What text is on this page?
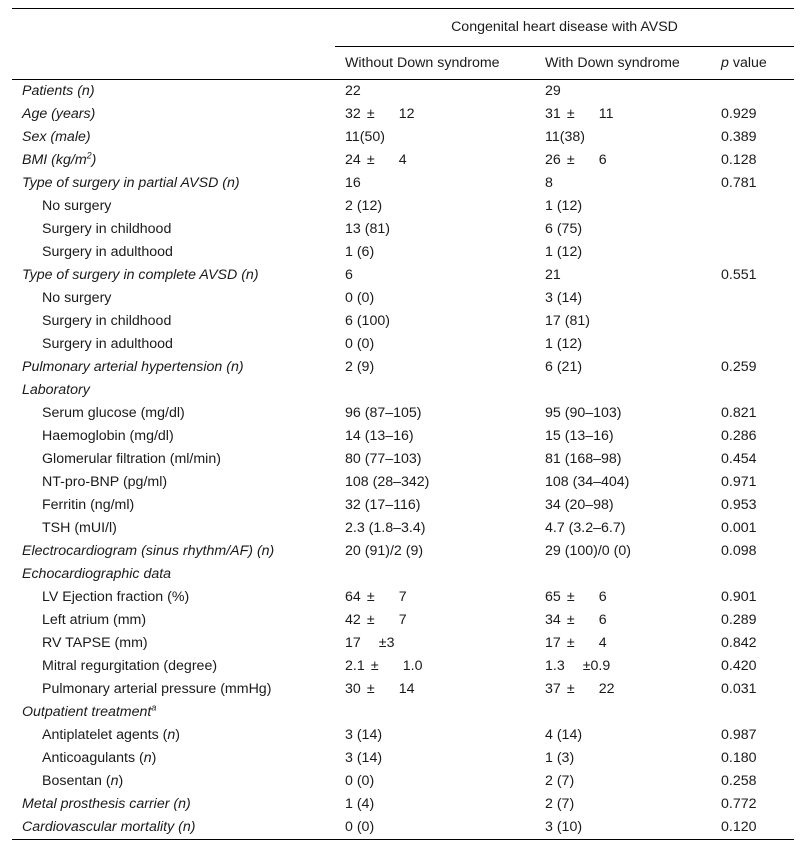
	Congenital heart disease with AVSD		
	Without Down syndrome	With Down syndrome	p value
Patients (n)	22	29	
Age (years)	32 ± 12	31 ± 11	0.929
Sex (male)	11(50)	11(38)	0.389
BMI $(kg/m^2)$	24 ± 4	26 ± 6	0.128
Type of surgery in partial AVSD (n)	16	8	0.781
No surgery	2 (12)	1 (12)	
Surgery in childhood	13 (81)	6 (75)	
Surgery in adulthood	1 (6)	1 (12)	
Type of surgery in complete AVSD (n)	6	21	0.551
No surgery	0 (0)	3 (14)	
Surgery in childhood	6 (100)	17 (81)	
Surgery in adulthood	0 (0)	1 (12)	
Pulmonary arterial hypertension (n)	2 (9)	6 (21)	0.259
Laboratory			
Serum glucose (mg/dl)	96 (87–105)	95 (90–103)	0.821
Haemoglobin (mg/dl)	14 (13–16)	15 (13–16)	0.286
Glomerular filtration (ml/min)	80 (77–103)	81 (168–98)	0.454
NT-pro-BNP (pg/ml)	108 (28–342)	108 (34–404)	0.971
Ferritin (ng/ml)	32 (17–116)	34 (20–98)	0.953
TSH (mUI/l)	2.3 (1.8–3.4)	4.7 (3.2–6.7)	0.001
Electrocardiogram (sinus rhythm/AF) (n)	20 (91)/2 (9)	29 (100)/0 (0)	0.098
Echocardiographic data			
LV Ejection fraction (%)	64 ± 7	65 ± 6	0.901
Left atrium (mm)	42 ± 7	34 ± 6	0.289
RV TAPSE (mm)	17 ±3	17 ± 4	0.842
Mitral regurgitation (degree)	2.1 ± 1.0	1.3 ±0.9	0.420
Pulmonary arterial pressure (mmHg)	30 ± 14	37 ± 22	0.031
Outpatient treatment$^a$			
Antiplatelet agents (n)	3 (14)	4 (14)	0.987
Anticoagulants (n)	3 (14)	1 (3)	0.180
Bosentan (n)	0 (0)	2 (7)	0.258
Metal prosthesis carrier (n)	1 (4)	2 (7)	0.772
Cardiovascular mortality (n)	0 (0)	3 (10)	0.120
